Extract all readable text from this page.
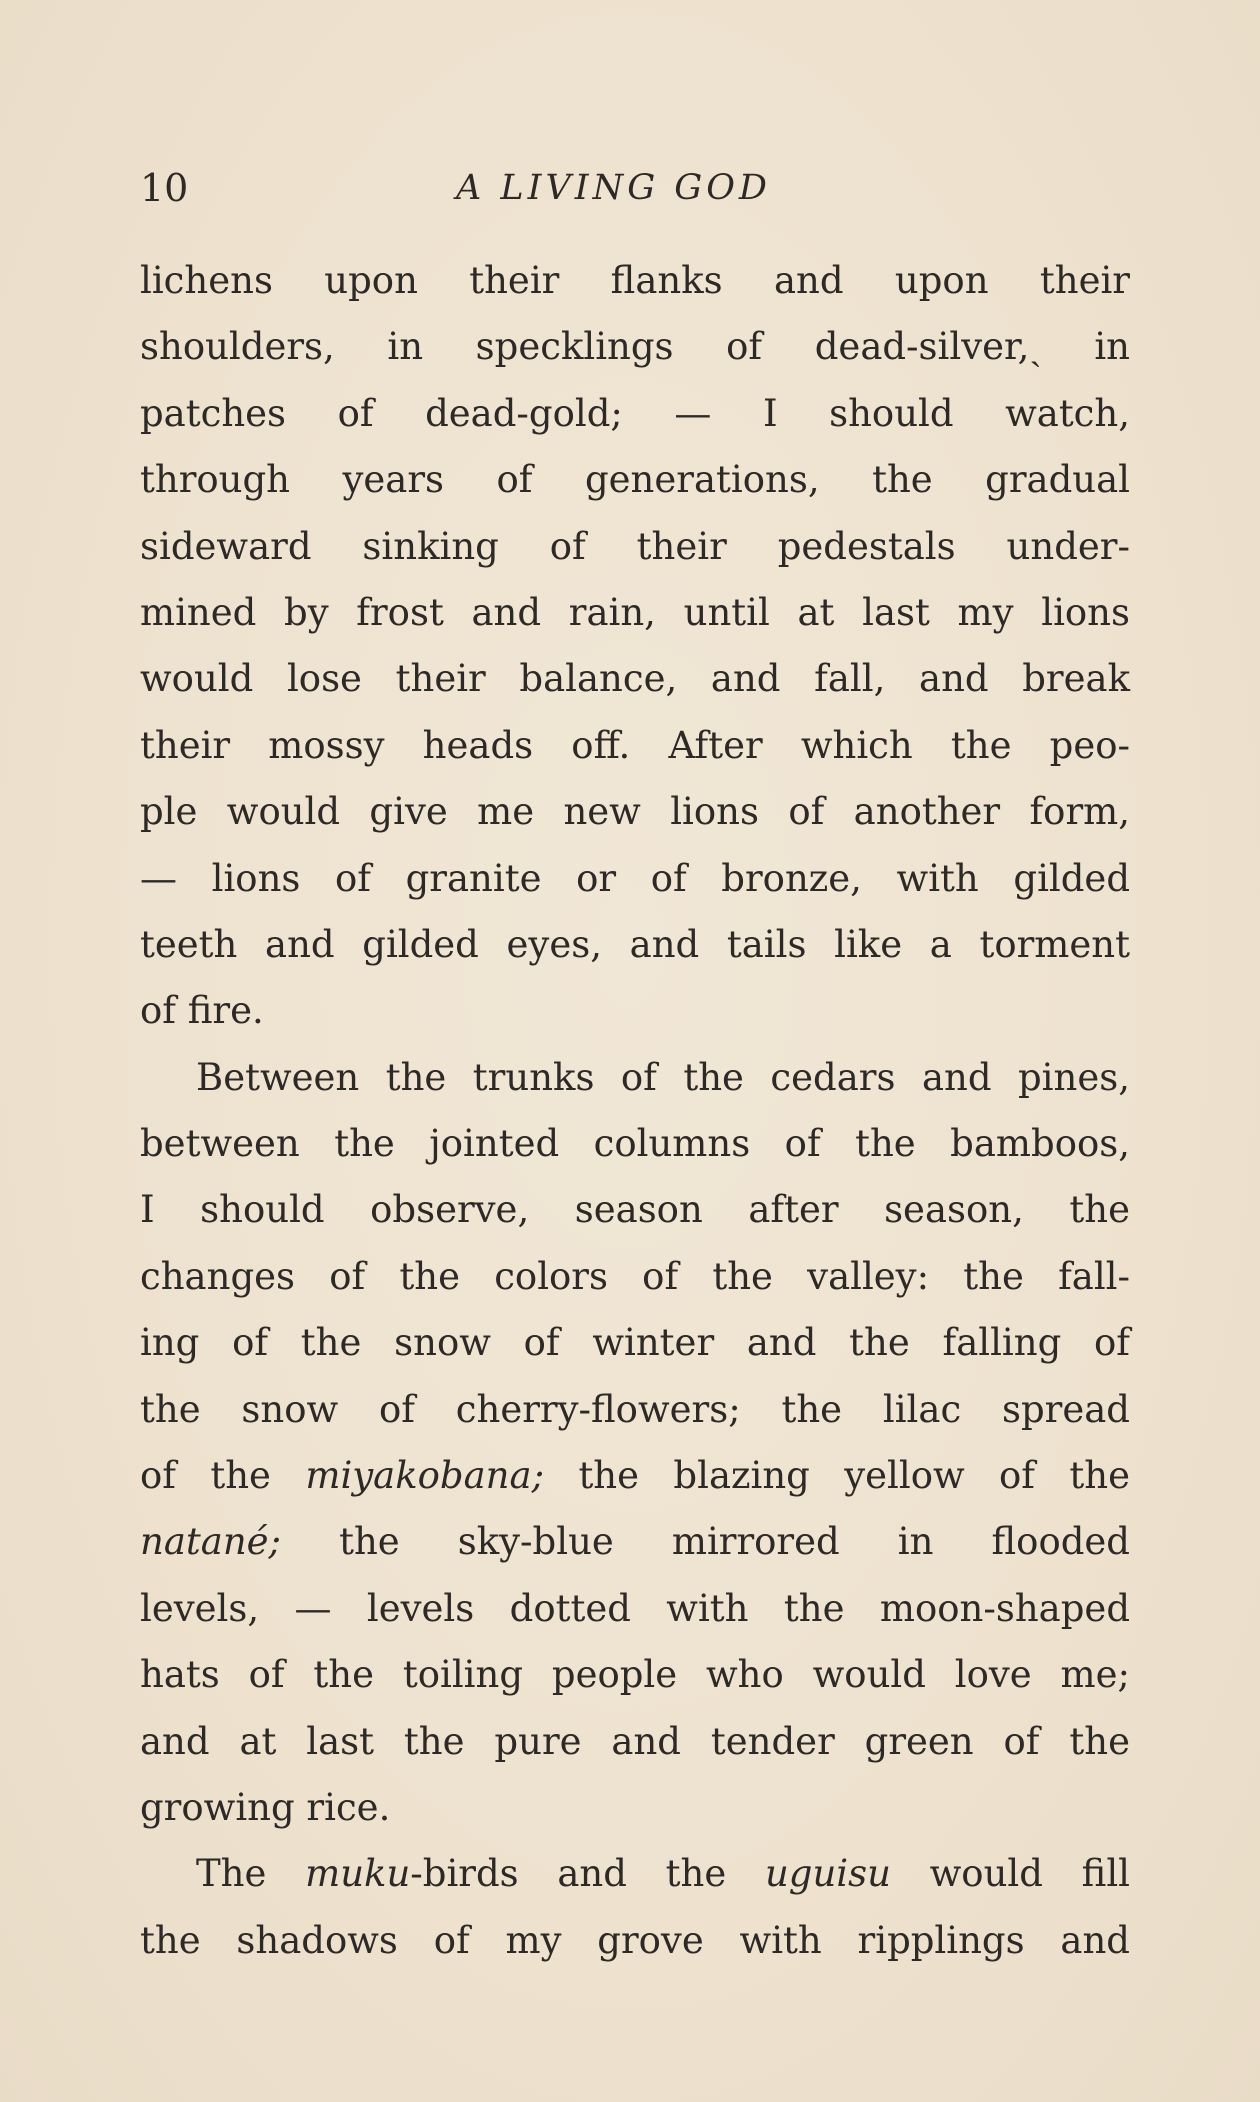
10	A LIVING GOD
lichens upon their flanks and upon their
shoulders, in specklings of dead-silver,ˎ in
patches of dead-gold; — I should watch,
through years of generations, the gradual
sideward sinking of their pedestals under-
mined by frost and rain, until at last my lions
would lose their balance, and fall, and break
their mossy heads off. After which the peo-
ple would give me new lions of another form,
— lions of granite or of bronze, with gilded
teeth and gilded eyes, and tails like a torment
of fire.
Between the trunks of the cedars and pines,
between the jointed columns of the bamboos,
I should observe, season after season, the
changes of the colors of the valley: the fall-
ing of the snow of winter and the falling of
the snow of cherry-flowers; the lilac spread
of the miyakobana; the blazing yellow of the
natané; the sky-blue mirrored in flooded
levels, — levels dotted with the moon-shaped
hats of the toiling people who would love me;
and at last the pure and tender green of the
growing rice.
The muku-birds and the uguisu would fill
the shadows of my grove with ripplings and
